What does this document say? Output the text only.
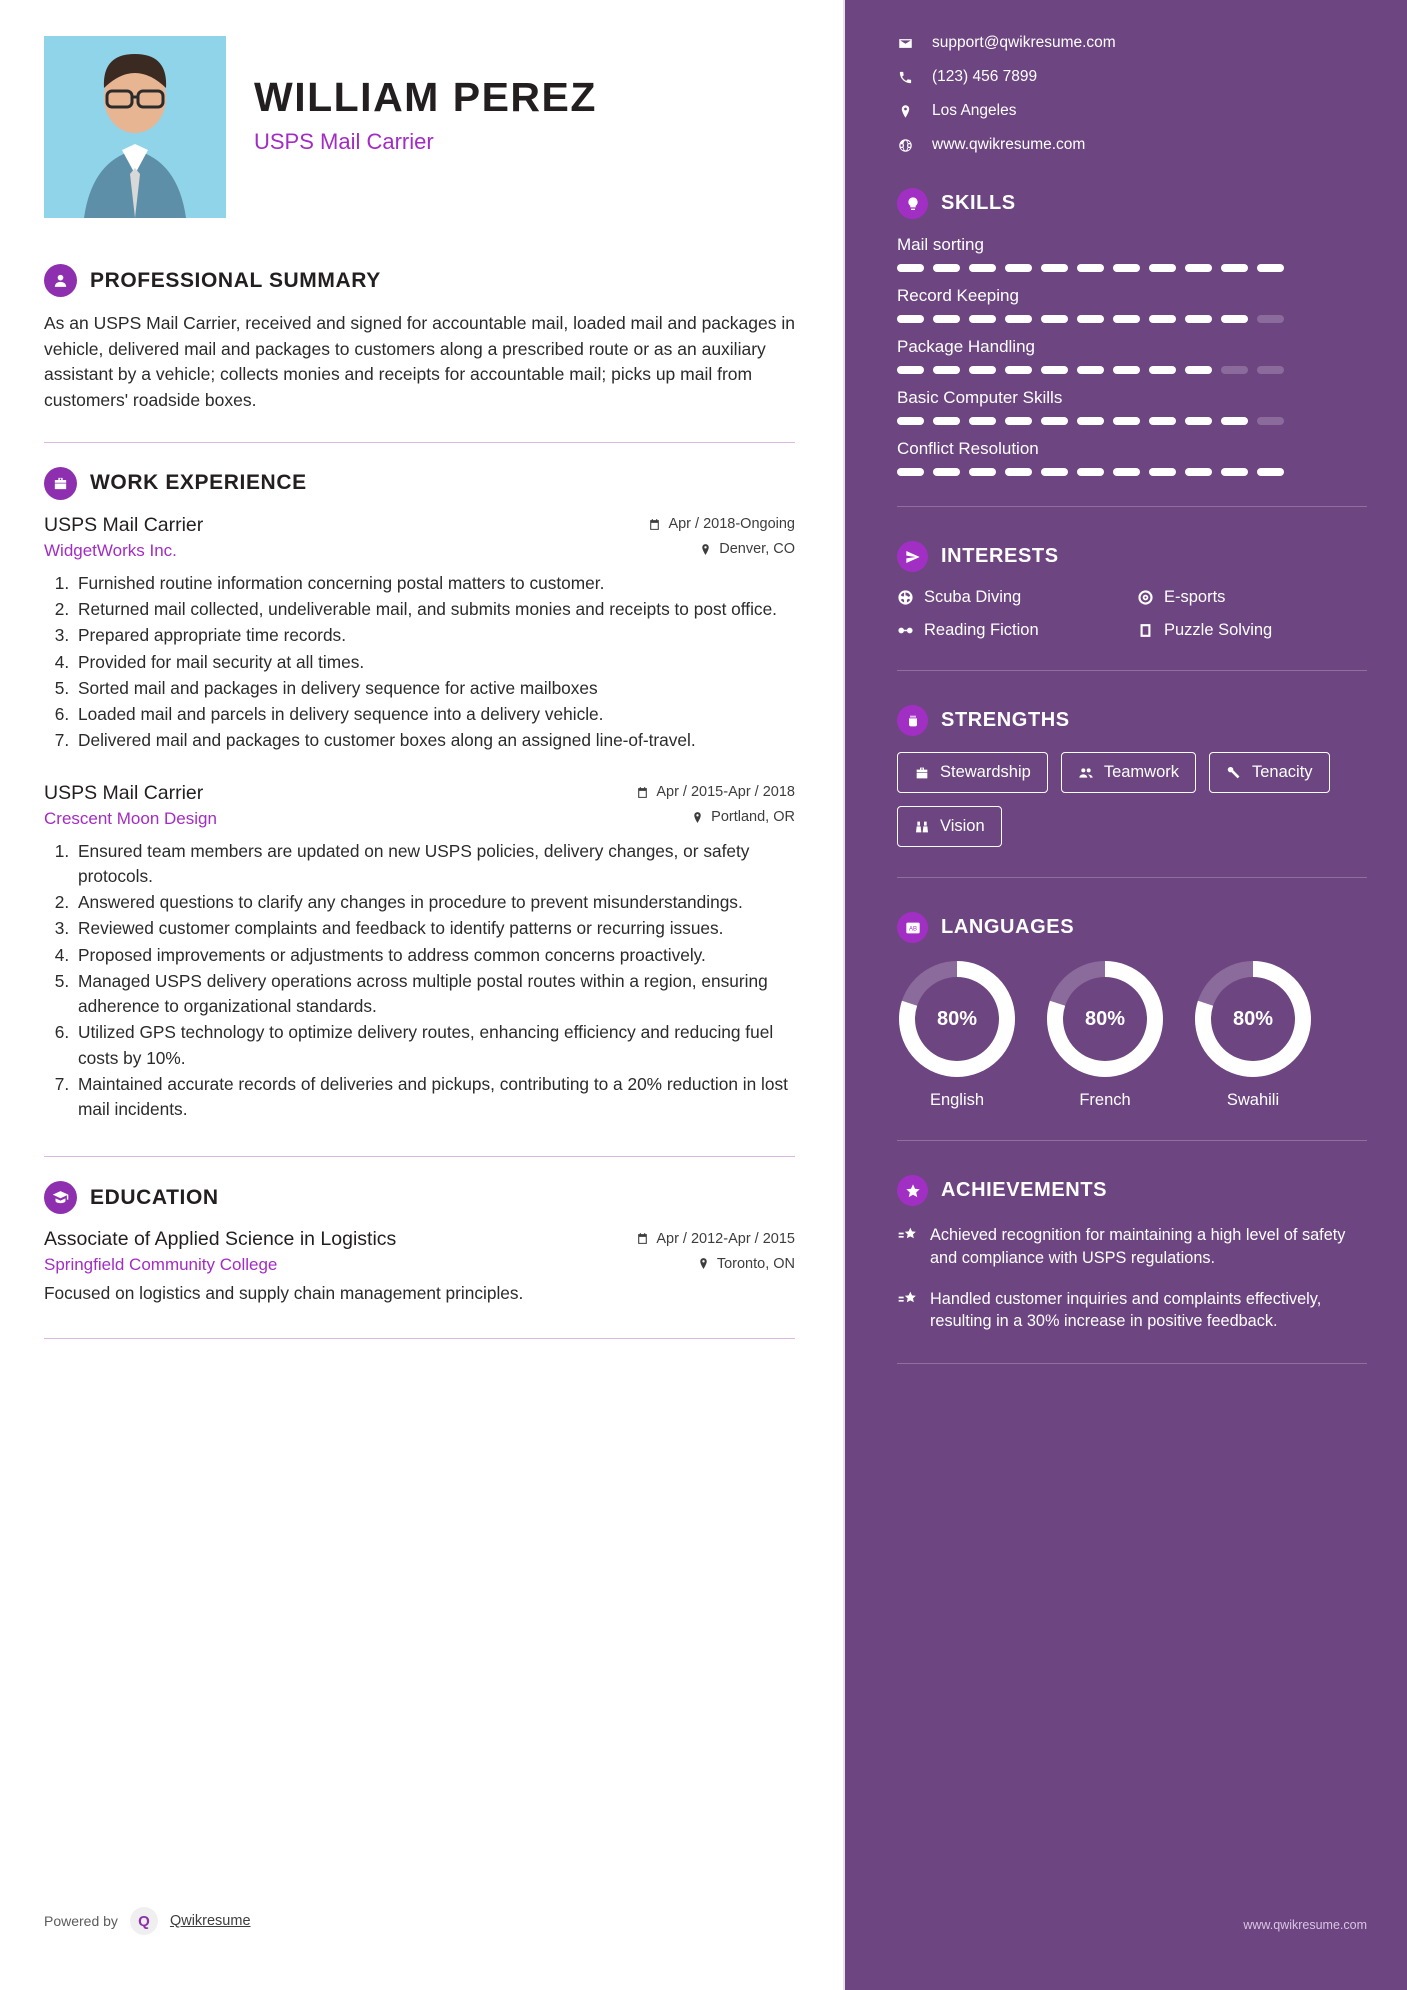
WILLIAM PEREZ
USPS Mail Carrier
PROFESSIONAL SUMMARY
As an USPS Mail Carrier, received and signed for accountable mail, loaded mail and packages in vehicle, delivered mail and packages to customers along a prescribed route or as an auxiliary assistant by a vehicle; collects monies and receipts for accountable mail; picks up mail from customers' roadside boxes.
WORK EXPERIENCE
USPS Mail Carrier	Apr / 2018-Ongoing
WidgetWorks Inc.	Denver, CO
1. Furnished routine information concerning postal matters to customer.
2. Returned mail collected, undeliverable mail, and submits monies and receipts to post office.
3. Prepared appropriate time records.
4. Provided for mail security at all times.
5. Sorted mail and packages in delivery sequence for active mailboxes
6. Loaded mail and parcels in delivery sequence into a delivery vehicle.
7. Delivered mail and packages to customer boxes along an assigned line-of-travel.
USPS Mail Carrier	Apr / 2015-Apr / 2018
Crescent Moon Design	Portland, OR
1. Ensured team members are updated on new USPS policies, delivery changes, or safety protocols.
2. Answered questions to clarify any changes in procedure to prevent misunderstandings.
3. Reviewed customer complaints and feedback to identify patterns or recurring issues.
4. Proposed improvements or adjustments to address common concerns proactively.
5. Managed USPS delivery operations across multiple postal routes within a region, ensuring adherence to organizational standards.
6. Utilized GPS technology to optimize delivery routes, enhancing efficiency and reducing fuel costs by 10%.
7. Maintained accurate records of deliveries and pickups, contributing to a 20% reduction in lost mail incidents.
EDUCATION
Associate of Applied Science in Logistics	Apr / 2012-Apr / 2015
Springfield Community College	Toronto, ON
Focused on logistics and supply chain management principles.
Powered by	Q	Qwikresume
support@qwikresume.com
(123) 456 7899
Los Angeles
www.qwikresume.com
SKILLS
Mail sorting
Record Keeping
Package Handling
Basic Computer Skills
Conflict Resolution
INTERESTS
Scuba Diving	E-sports
Reading Fiction	Puzzle Solving
STRENGTHS
Stewardship	Teamwork	Tenacity
Vision
AB LANGUAGES
80%
English
80%
French
80%
Swahili
ACHIEVEMENTS
Achieved recognition for maintaining a high level of safety and compliance with USPS regulations.
Handled customer inquiries and complaints effectively, resulting in a 30% increase in positive feedback.
www.qwikresume.com
